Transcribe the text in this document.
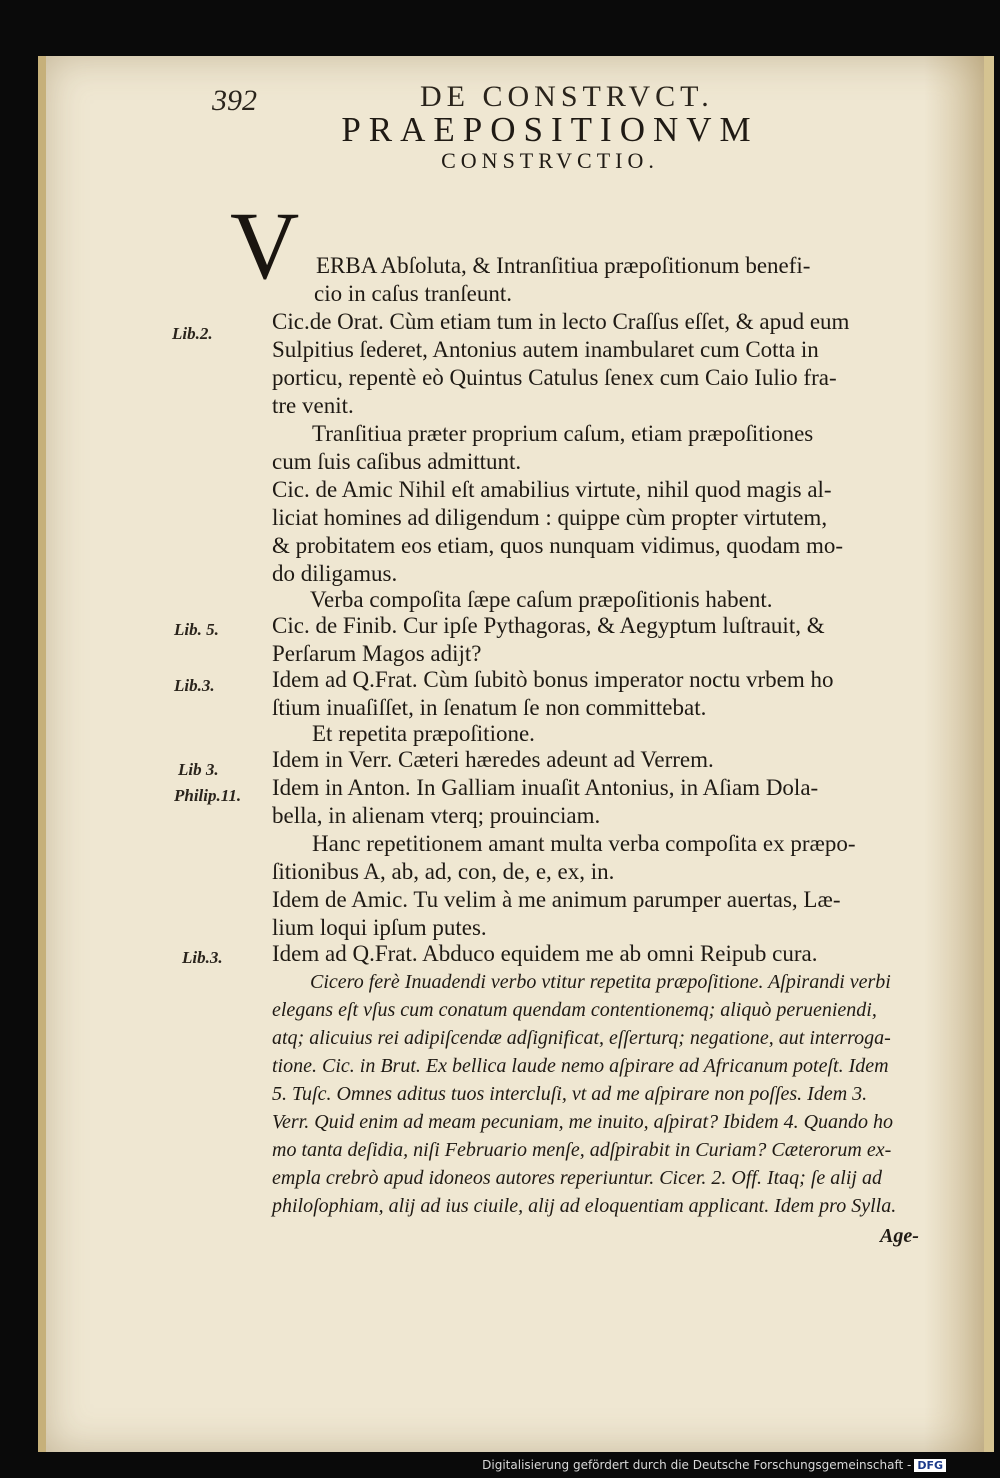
392	DE CONSTRVCT.
PRAEPOSITIONVM
CONSTRVCTIO.
V
Lib.2.
Lib. 5.
Lib.3.
Lib 3.
Philip.11.
Lib.3.
ERBA Abſoluta, & Intranſitiua præpoſitionum benefi-
cio in caſus tranſeunt.
Cic.de Orat. Cùm etiam tum in lecto Craſſus eſſet, & apud eum
Sulpitius ſederet, Antonius autem inambularet cum Cotta in
porticu, repentè eò Quintus Catulus ſenex cum Caio Iulio fra-
tre venit.
Tranſitiua præter proprium caſum, etiam præpoſitiones
cum ſuis caſibus admittunt.
Cic. de Amic Nihil eſt amabilius virtute, nihil quod magis al-
liciat homines ad diligendum : quippe cùm propter virtutem,
& probitatem eos etiam, quos nunquam vidimus, quodam mo-
do diligamus.
Verba compoſita ſæpe caſum præpoſitionis habent.
Cic. de Finib. Cur ipſe Pythagoras, & Aegyptum luſtrauit, &
Perſarum Magos adijt?
Idem ad Q.Frat. Cùm ſubitò bonus imperator noctu vrbem ho
ſtium inuaſiſſet, in ſenatum ſe non committebat.
Et repetita præpoſitione.
Idem in Verr. Cæteri hæredes adeunt ad Verrem.
Idem in Anton. In Galliam inuaſit Antonius, in Aſiam Dola-
bella, in alienam vterq; prouinciam.
Hanc repetitionem amant multa verba compoſita ex præpo-
ſitionibus A, ab, ad, con, de, e, ex, in.
Idem de Amic. Tu velim à me animum parumper auertas, Læ-
lium loqui ipſum putes.
Idem ad Q.Frat. Abduco equidem me ab omni Reipub cura.
Cicero ferè Inuadendi verbo vtitur repetita præpoſitione. Aſpirandi verbi
elegans eſt vſus cum conatum quendam contentionemq; aliquò perueniendi,
atq; alicuius rei adipiſcendæ adſignificat, eſſerturq; negatione, aut interroga-
tione. Cic. in Brut. Ex bellica laude nemo aſpirare ad Africanum poteſt. Idem
5. Tuſc. Omnes aditus tuos intercluſi, vt ad me aſpirare non poſſes. Idem 3.
Verr. Quid enim ad meam pecuniam, me inuito, aſpirat? Ibidem 4. Quando ho
mo tanta deſidia, niſi Februario menſe, adſpirabit in Curiam? Cæterorum ex-
empla crebrò apud idoneos autores reperiuntur. Cicer. 2. Off. Itaq; ſe alij ad
philoſophiam, alij ad ius ciuile, alij ad eloquentiam applicant. Idem pro Sylla.
Age-
Digitalisierung gefördert durch die Deutsche Forschungsgemeinschaft - DFG
